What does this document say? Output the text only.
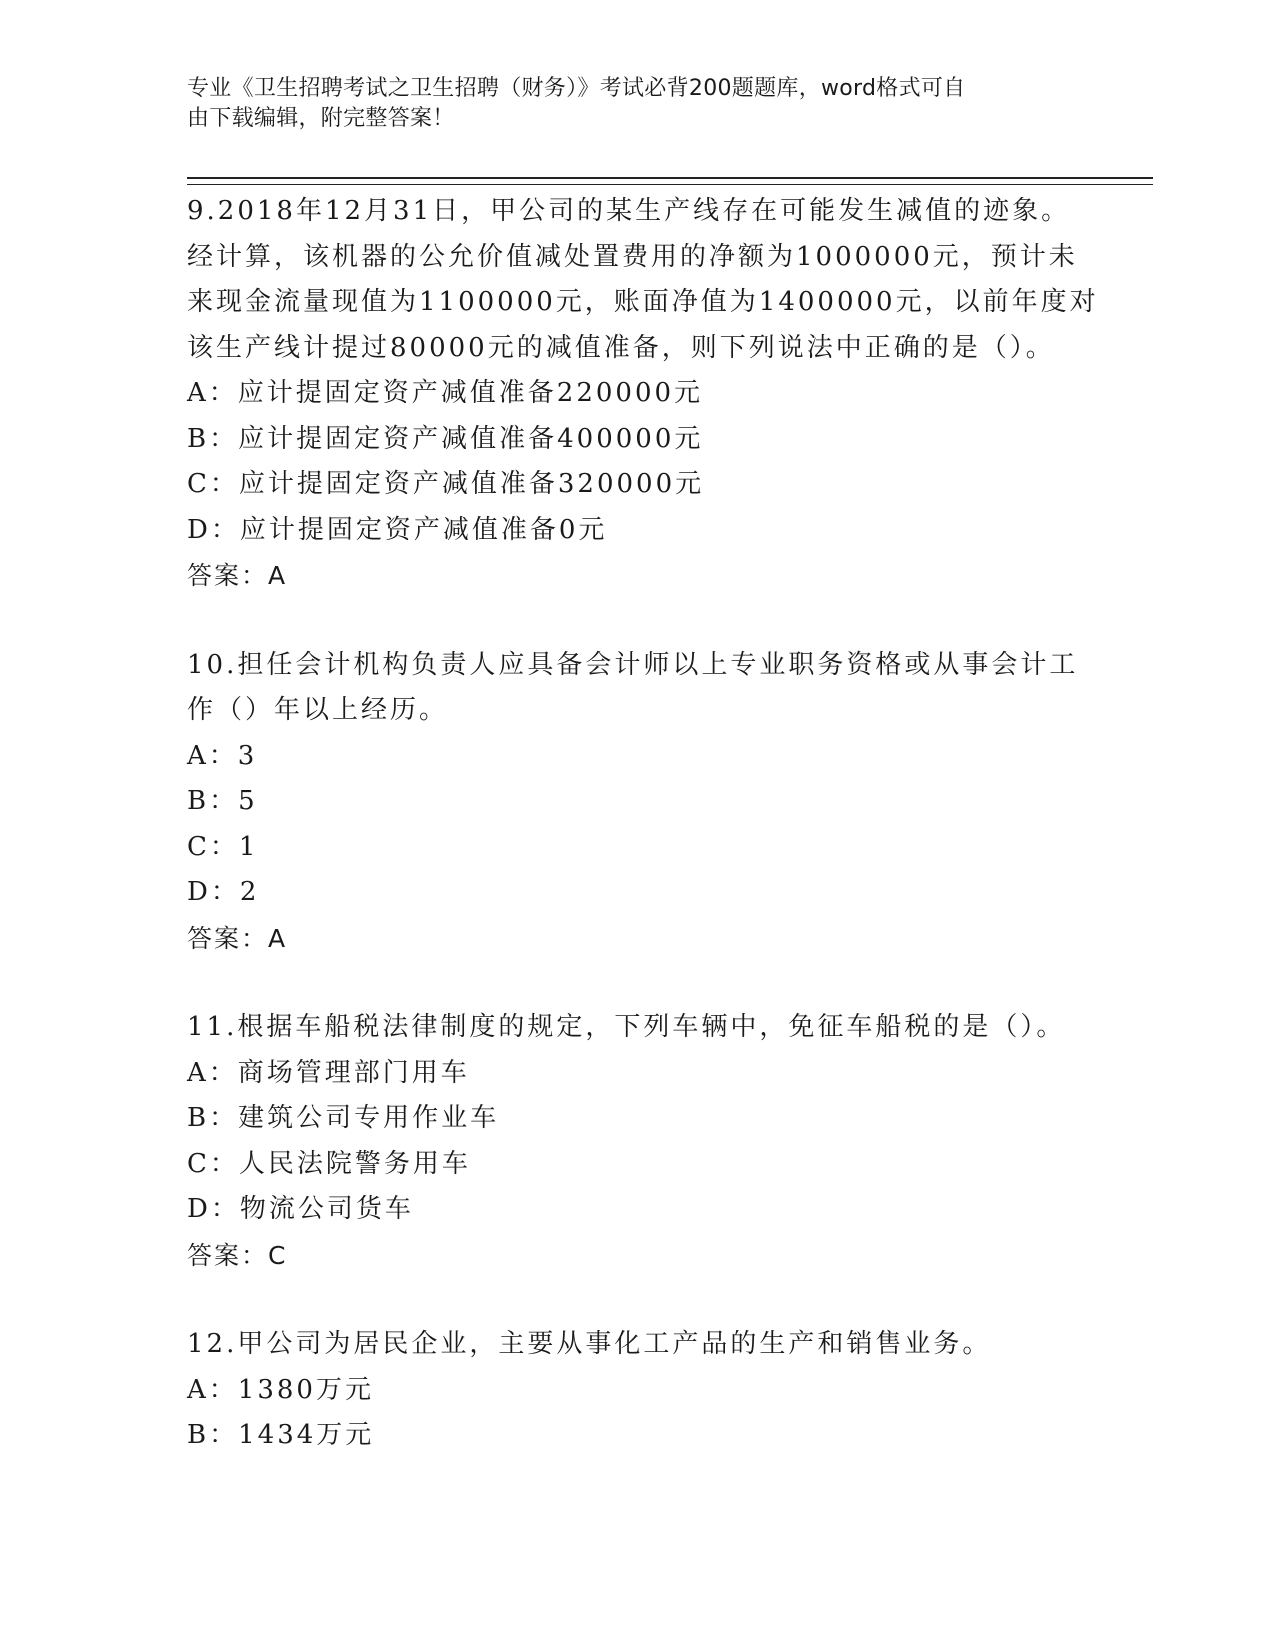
专业《卫生招聘考试之卫生招聘（财务）》考试必背200题题库，word格式可自
由下载编辑，附完整答案！
9.2018年12月31日，甲公司的某生产线存在可能发生减值的迹象。
经计算，该机器的公允价值减处置费用的净额为1000000元，预计未
来现金流量现值为1100000元，账面净值为1400000元，以前年度对
该生产线计提过80000元的减值准备，则下列说法中正确的是（）。
A：应计提固定资产减值准备220000元
B：应计提固定资产减值准备400000元
C：应计提固定资产减值准备320000元
D：应计提固定资产减值准备0元
答案：A
10.担任会计机构负责人应具备会计师以上专业职务资格或从事会计工
作（）年以上经历。
A：3
B：5
C：1
D：2
答案：A
11.根据车船税法律制度的规定，下列车辆中，免征车船税的是（）。
A：商场管理部门用车
B：建筑公司专用作业车
C：人民法院警务用车
D：物流公司货车
答案：C
12.甲公司为居民企业，主要从事化工产品的生产和销售业务。
A：1380万元
B：1434万元
